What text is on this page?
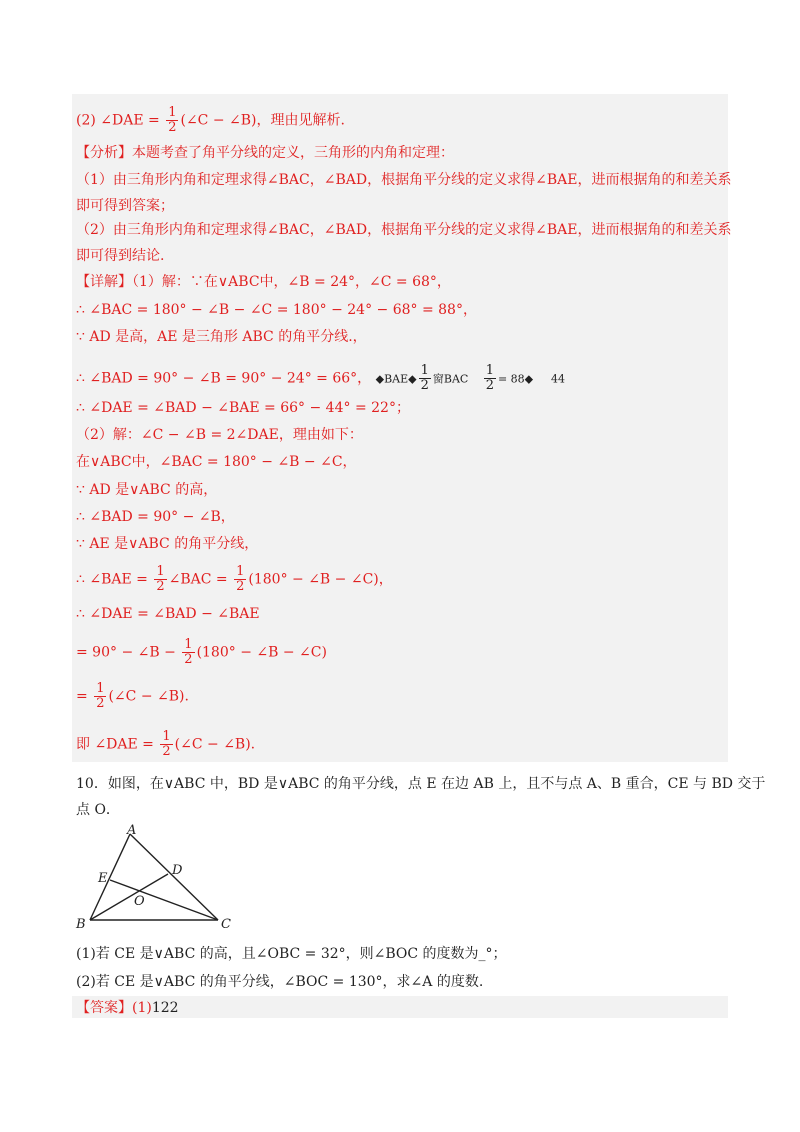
(2) ∠DAE = $\frac{1}{2}$ (∠C − ∠B)，理由见解析.
【分析】本题考查了角平分线的定义，三角形的内角和定理：
（1）由三角形内角和定理求得∠BAC，∠BAD，根据角平分线的定义求得∠BAE，进而根据角的和差关系
即可得到答案；
（2）由三角形内角和定理求得∠BAC，∠BAD，根据角平分线的定义求得∠BAE，进而根据角的和差关系
即可得到结论.
【详解】（1）解：∵在∨ABC中，∠B = 24°，∠C = 68°，
∴ ∠BAC = 180° − ∠B − ∠C = 180° − 24° − 68° = 88°，
∵ AD 是高，AE 是三角形 ABC 的角平分线.，
∴ ∠BAD = 90° − ∠B = 90° − 24° = 66°， ◆BAE◆ $\frac{1}{2}$ 窗BAC $\frac{1}{2}$ = 88◆ 44
∴ ∠DAE = ∠BAD − ∠BAE = 66° − 44° = 22°；
（2）解：∠C − ∠B = 2∠DAE，理由如下：
在∨ABC中，∠BAC = 180° − ∠B − ∠C，
∵ AD 是∨ABC 的高，
∴ ∠BAD = 90° − ∠B，
∵ AE 是∨ABC 的角平分线，
∴ ∠BAE = $\frac{1}{2}$ ∠BAC = $\frac{1}{2} (180^\circ$ − ∠B − ∠C)，
∴ ∠DAE = ∠BAD − ∠BAE
= 90° − ∠B − $\frac{1}{2} (180^\circ$ − ∠B − ∠C)
= $\frac{1}{2}$ (∠C − ∠B).
即 ∠DAE = $\frac{1}{2}$ (∠C − ∠B).
10．如图，在∨ABC 中，BD 是∨ABC 的角平分线，点 E 在边 AB 上，且不与点 A、B 重合，CE 与 BD 交于
点 O．
A
B	C
D
E
O
(1)若 CE 是∨ABC 的高，且∠OBC = 32°，则∠BOC 的度数为_°；
(2)若 CE 是∨ABC 的角平分线，∠BOC = 130°，求∠A 的度数.
【答案】(1)122
